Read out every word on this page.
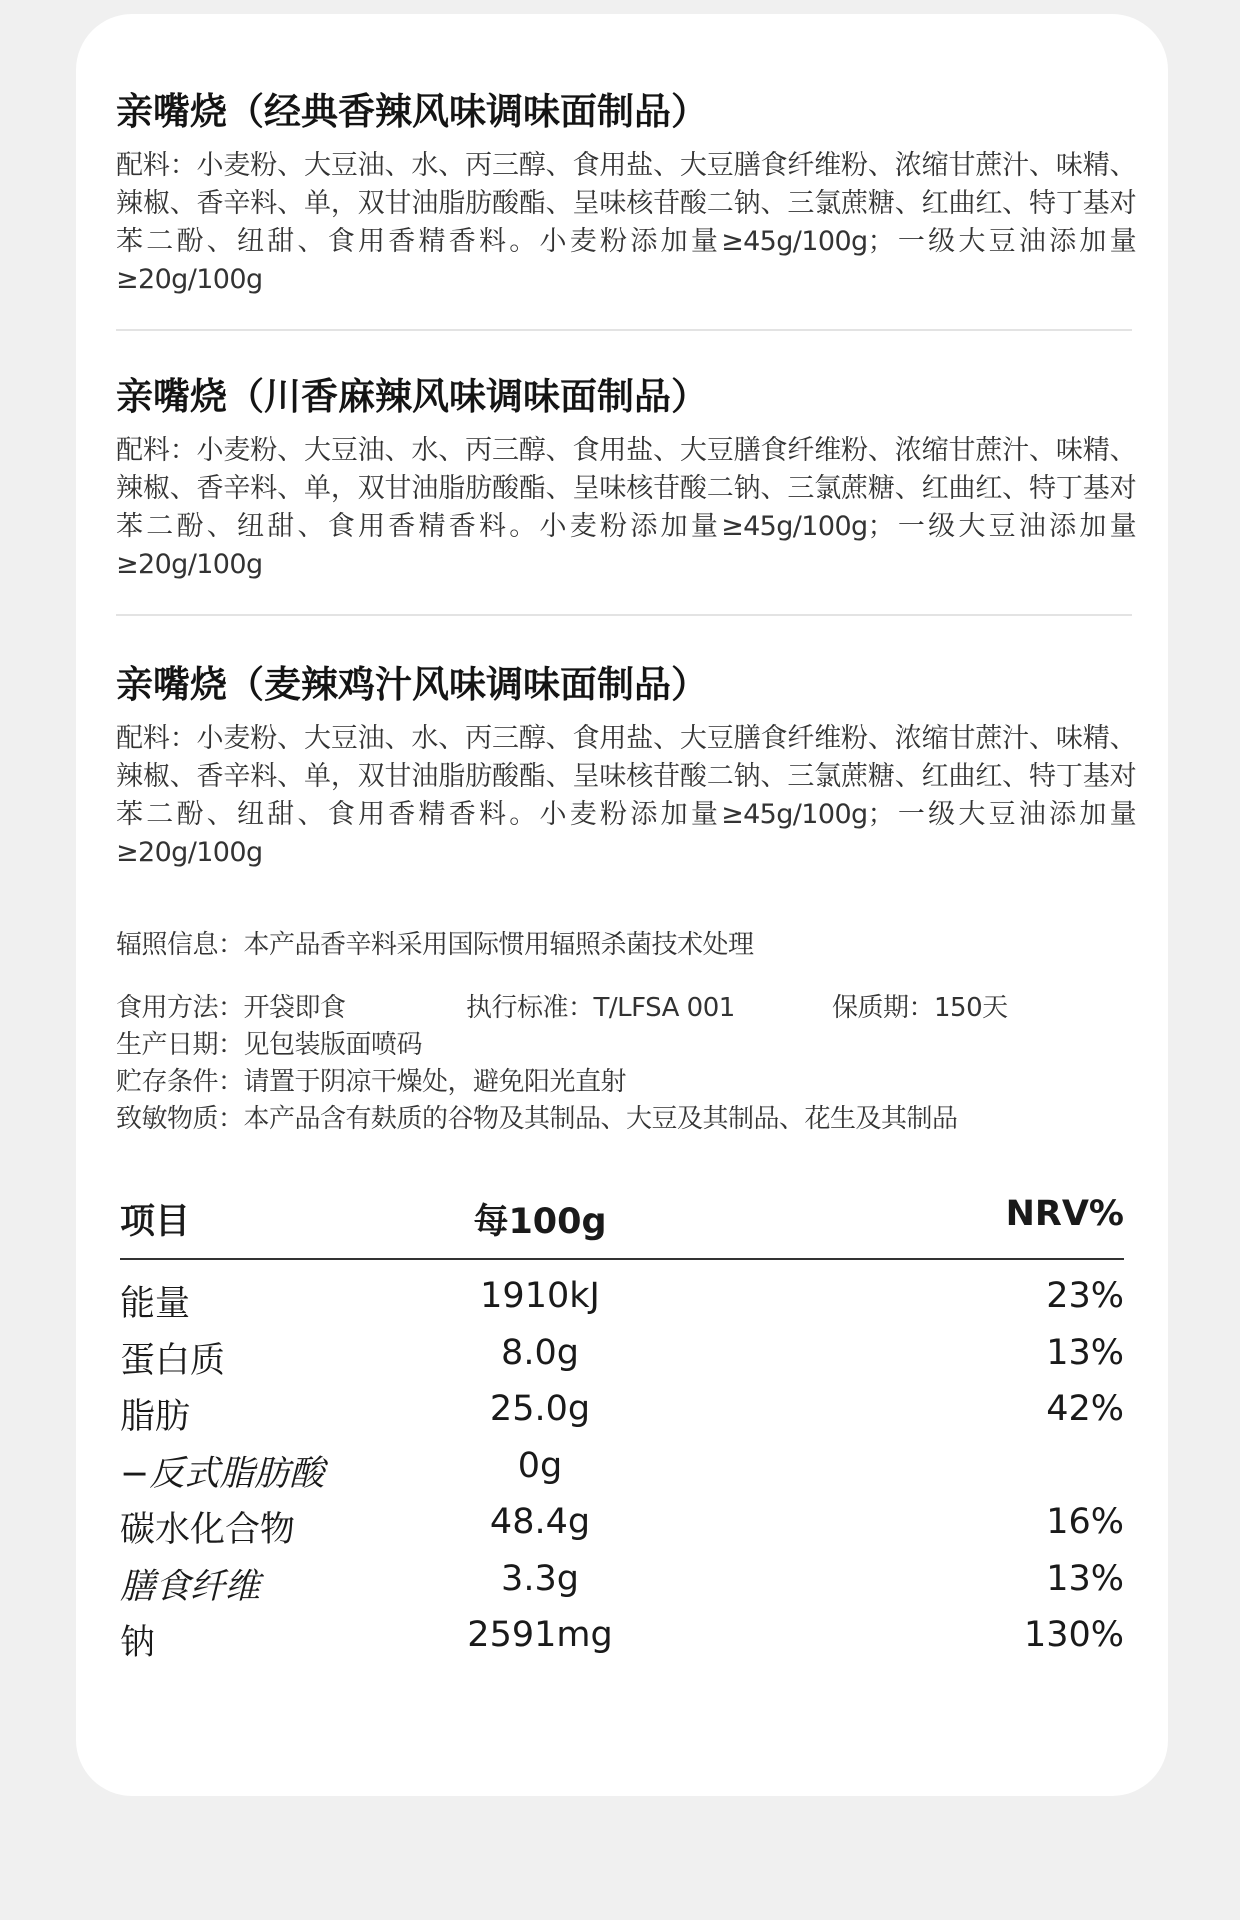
亲嘴烧（经典香辣风味调味面制品）
配料：小麦粉、大豆油、水、丙三醇、食用盐、大豆膳食纤维粉、浓缩甘蔗汁、味精、辣椒、香辛料、单，双甘油脂肪酸酯、呈味核苷酸二钠、三氯蔗糖、红曲红、特丁基对苯二酚、纽甜、食用香精香料。小麦粉添加量≥45g/100g；一级大豆油添加量≥20g/100g
亲嘴烧（川香麻辣风味调味面制品）
配料：小麦粉、大豆油、水、丙三醇、食用盐、大豆膳食纤维粉、浓缩甘蔗汁、味精、辣椒、香辛料、单，双甘油脂肪酸酯、呈味核苷酸二钠、三氯蔗糖、红曲红、特丁基对苯二酚、纽甜、食用香精香料。小麦粉添加量≥45g/100g；一级大豆油添加量≥20g/100g
亲嘴烧（麦辣鸡汁风味调味面制品）
配料：小麦粉、大豆油、水、丙三醇、食用盐、大豆膳食纤维粉、浓缩甘蔗汁、味精、辣椒、香辛料、单，双甘油脂肪酸酯、呈味核苷酸二钠、三氯蔗糖、红曲红、特丁基对苯二酚、纽甜、食用香精香料。小麦粉添加量≥45g/100g；一级大豆油添加量≥20g/100g
辐照信息：本产品香辛料采用国际惯用辐照杀菌技术处理
食用方法：开袋即食	执行标准：T/LFSA 001	保质期：150天
生产日期：见包装版面喷码
贮存条件：请置于阴凉干燥处，避免阳光直射
致敏物质：本产品含有麸质的谷物及其制品、大豆及其制品、花生及其制品
项目	每100g	NRV%
能量	1910kJ	23%
蛋白质	8.0g	13%
脂肪	25.0g	42%
−反式脂肪酸	0g
碳水化合物	48.4g	16%
膳食纤维	3.3g	13%
钠	2591mg	130%
